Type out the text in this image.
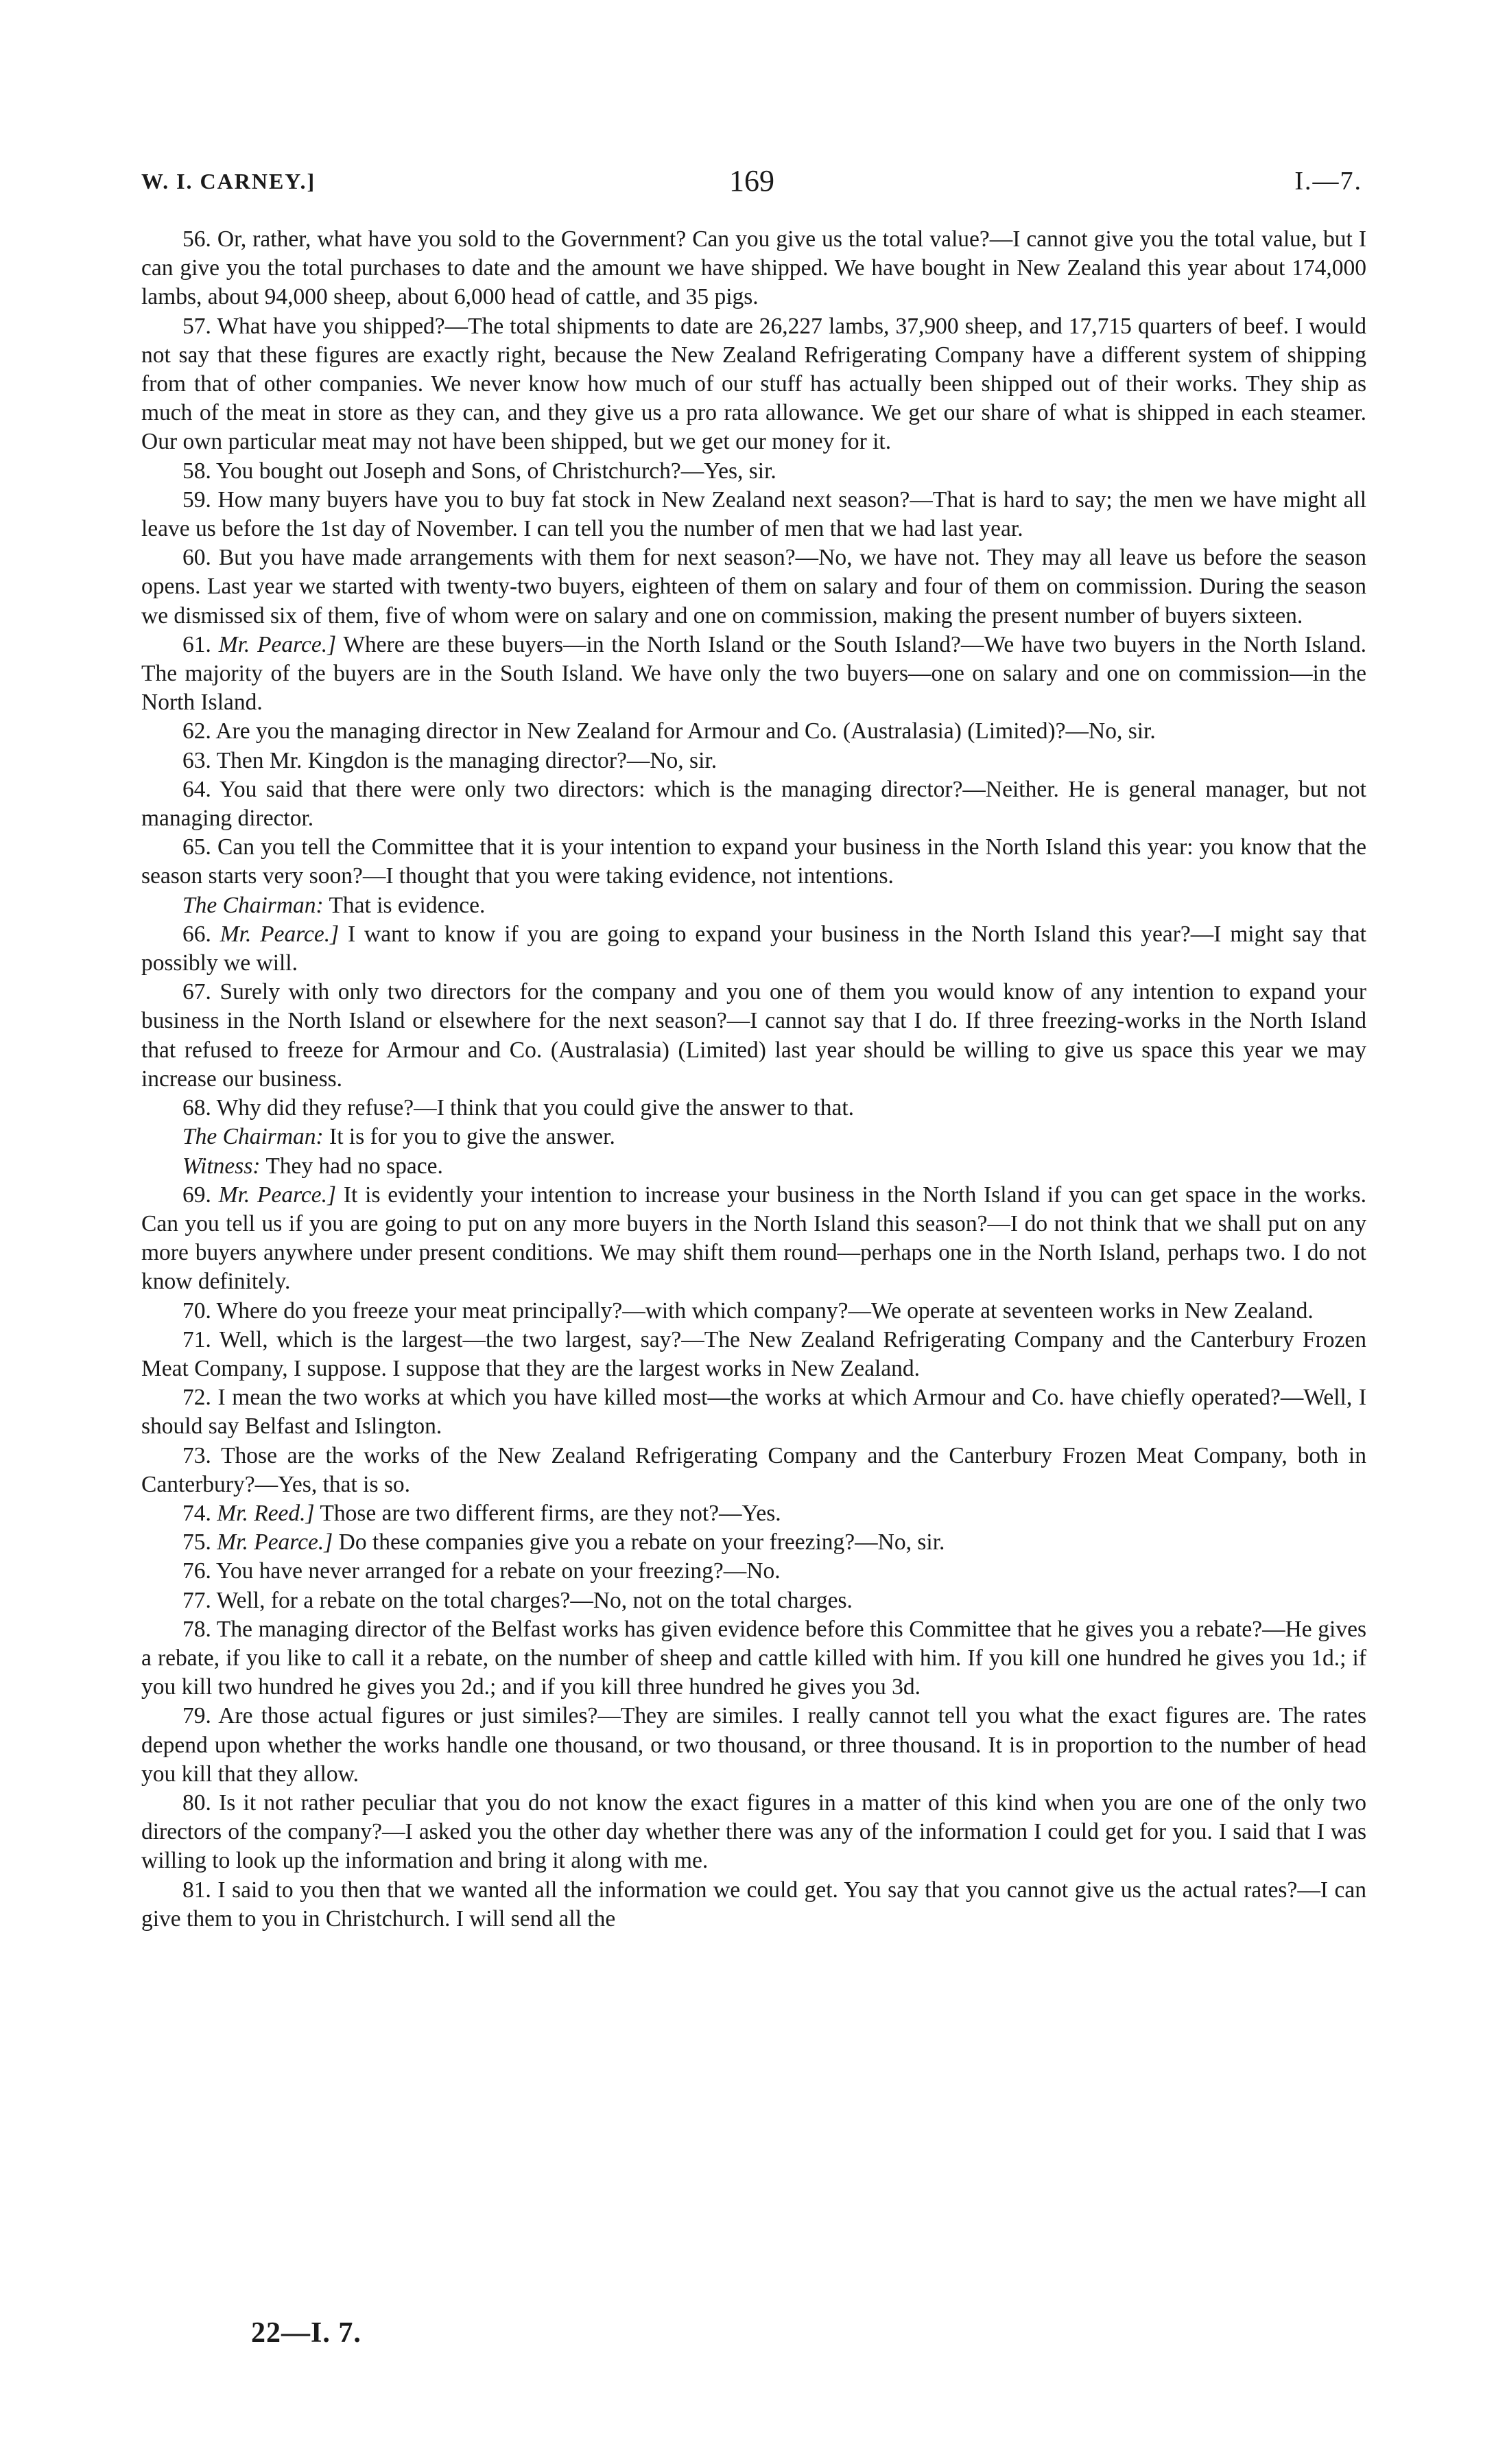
W. I. CARNEY.]	169	I.—7.

56. Or, rather, what have you sold to the Government? Can you give us the total value?—I cannot give you the total value, but I can give you the total purchases to date and the amount we have shipped. We have bought in New Zealand this year about 174,000 lambs, about 94,000 sheep, about 6,000 head of cattle, and 35 pigs.

57. What have you shipped?—The total shipments to date are 26,227 lambs, 37,900 sheep, and 17,715 quarters of beef. I would not say that these figures are exactly right, because the New Zealand Refrigerating Company have a different system of shipping from that of other companies. We never know how much of our stuff has actually been shipped out of their works. They ship as much of the meat in store as they can, and they give us a pro rata allowance. We get our share of what is shipped in each steamer. Our own particular meat may not have been shipped, but we get our money for it.

58. You bought out Joseph and Sons, of Christchurch?—Yes, sir.

59. How many buyers have you to buy fat stock in New Zealand next season?—That is hard to say; the men we have might all leave us before the 1st day of November. I can tell you the number of men that we had last year.

60. But you have made arrangements with them for next season?—No, we have not. They may all leave us before the season opens. Last year we started with twenty-two buyers, eighteen of them on salary and four of them on commission. During the season we dismissed six of them, five of whom were on salary and one on commission, making the present number of buyers sixteen.

61. Mr. Pearce.] Where are these buyers—in the North Island or the South Island?—We have two buyers in the North Island. The majority of the buyers are in the South Island. We have only the two buyers—one on salary and one on commission—in the North Island.

62. Are you the managing director in New Zealand for Armour and Co. (Australasia) (Limited)?—No, sir.

63. Then Mr. Kingdon is the managing director?—No, sir.

64. You said that there were only two directors: which is the managing director?—Neither. He is general manager, but not managing director.

65. Can you tell the Committee that it is your intention to expand your business in the North Island this year: you know that the season starts very soon?—I thought that you were taking evidence, not intentions.

The Chairman: That is evidence.

66. Mr. Pearce.] I want to know if you are going to expand your business in the North Island this year?—I might say that possibly we will.

67. Surely with only two directors for the company and you one of them you would know of any intention to expand your business in the North Island or elsewhere for the next season?—I cannot say that I do. If three freezing-works in the North Island that refused to freeze for Armour and Co. (Australasia) (Limited) last year should be willing to give us space this year we may increase our business.

68. Why did they refuse?—I think that you could give the answer to that.

The Chairman: It is for you to give the answer.

Witness: They had no space.

69. Mr. Pearce.] It is evidently your intention to increase your business in the North Island if you can get space in the works. Can you tell us if you are going to put on any more buyers in the North Island this season?—I do not think that we shall put on any more buyers anywhere under present conditions. We may shift them round—perhaps one in the North Island, perhaps two. I do not know definitely.

70. Where do you freeze your meat principally?—with which company?—We operate at seventeen works in New Zealand.

71. Well, which is the largest—the two largest, say?—The New Zealand Refrigerating Company and the Canterbury Frozen Meat Company, I suppose. I suppose that they are the largest works in New Zealand.

72. I mean the two works at which you have killed most—the works at which Armour and Co. have chiefly operated?—Well, I should say Belfast and Islington.

73. Those are the works of the New Zealand Refrigerating Company and the Canterbury Frozen Meat Company, both in Canterbury?—Yes, that is so.

74. Mr. Reed.] Those are two different firms, are they not?—Yes.

75. Mr. Pearce.] Do these companies give you a rebate on your freezing?—No, sir.

76. You have never arranged for a rebate on your freezing?—No.

77. Well, for a rebate on the total charges?—No, not on the total charges.

78. The managing director of the Belfast works has given evidence before this Committee that he gives you a rebate?—He gives a rebate, if you like to call it a rebate, on the number of sheep and cattle killed with him. If you kill one hundred he gives you 1d.; if you kill two hundred he gives you 2d.; and if you kill three hundred he gives you 3d.

79. Are those actual figures or just similes?—They are similes. I really cannot tell you what the exact figures are. The rates depend upon whether the works handle one thousand, or two thousand, or three thousand. It is in proportion to the number of head you kill that they allow.

80. Is it not rather peculiar that you do not know the exact figures in a matter of this kind when you are one of the only two directors of the company?—I asked you the other day whether there was any of the information I could get for you. I said that I was willing to look up the information and bring it along with me.

81. I said to you then that we wanted all the information we could get. You say that you cannot give us the actual rates?—I can give them to you in Christchurch. I will send all the

22—I. 7.
